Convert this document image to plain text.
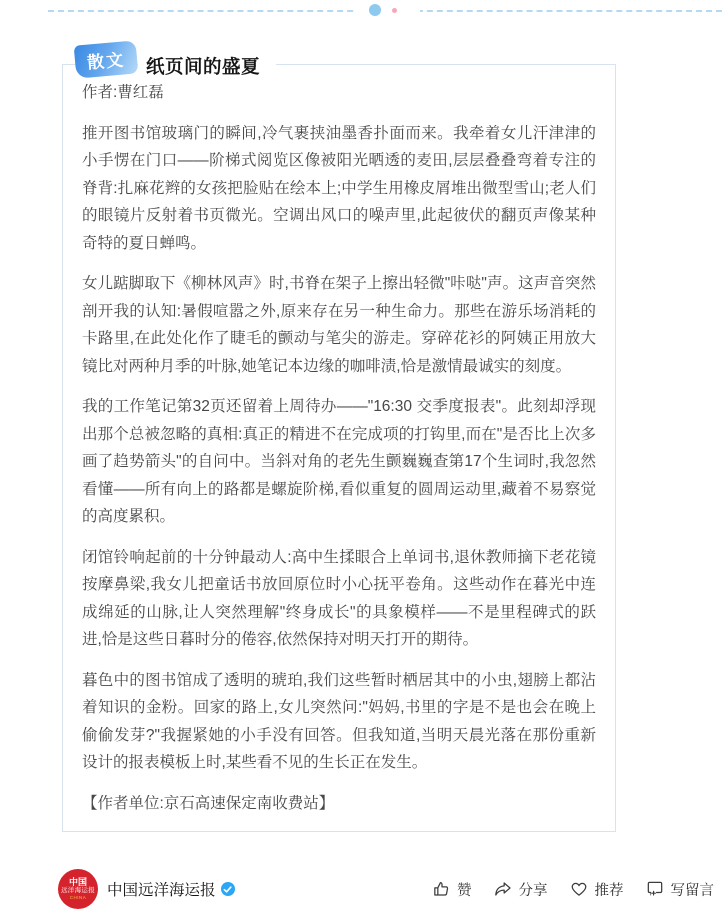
作者:曹红磊

推开图书馆玻璃门的瞬间,冷气裹挟油墨香扑面而来。我牵着女儿汗津津的小手愣在门口——阶梯式阅览区像被阳光晒透的麦田,层层叠叠弯着专注的脊背:扎麻花辫的女孩把脸贴在绘本上;中学生用橡皮屑堆出微型雪山;老人们的眼镜片反射着书页微光。空调出风口的噪声里,此起彼伏的翻页声像某种奇特的夏日蝉鸣。

女儿踮脚取下《柳林风声》时,书脊在架子上擦出轻微"咔哒"声。这声音突然剖开我的认知:暑假喧嚣之外,原来存在另一种生命力。那些在游乐场消耗的卡路里,在此处化作了睫毛的颤动与笔尖的游走。穿碎花衫的阿姨正用放大镜比对两种月季的叶脉,她笔记本边缘的咖啡渍,恰是激情最诚实的刻度。

我的工作笔记第32页还留着上周待办——"16:30 交季度报表"。此刻却浮现出那个总被忽略的真相:真正的精进不在完成项的打钩里,而在"是否比上次多画了趋势箭头"的自问中。当斜对角的老先生颤巍巍查第17个生词时,我忽然看懂——所有向上的路都是螺旋阶梯,看似重复的圆周运动里,藏着不易察觉的高度累积。

闭馆铃响起前的十分钟最动人:高中生揉眼合上单词书,退休教师摘下老花镜按摩鼻梁,我女儿把童话书放回原位时小心抚平卷角。这些动作在暮光中连成绵延的山脉,让人突然理解"终身成长"的具象模样——不是里程碑式的跃进,恰是这些日暮时分的倦容,依然保持对明天打开的期待。

暮色中的图书馆成了透明的琥珀,我们这些暂时栖居其中的小虫,翅膀上都沾着知识的金粉。回家的路上,女儿突然问:"妈妈,书里的字是不是也会在晚上偷偷发芽?"我握紧她的小手没有回答。但我知道,当明天晨光落在那份重新设计的报表模板上时,某些看不见的生长正在发生。

【作者单位:京石高速保定南收费站】

散文	纸页间的盛夏
中国
远洋海运报
CHINA 中国远洋海运报	赞	分享	推荐	写留言
